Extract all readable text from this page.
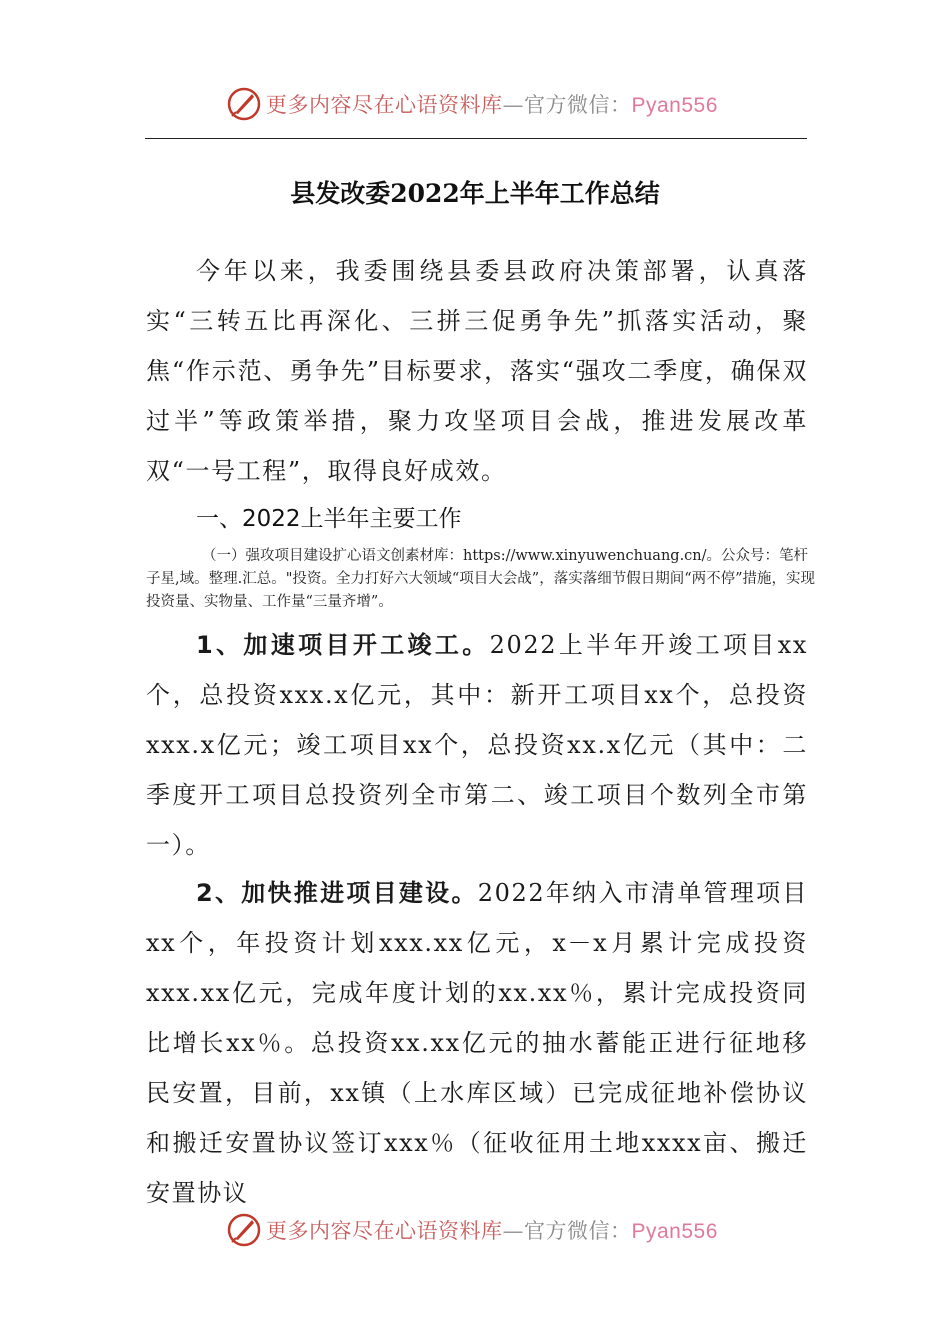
更多内容尽在心语资料库—官方微信：Pyan556
县发改委2022年上半年工作总结

今年以来，我委围绕县委县政府决策部署，认真落实“三转五比再深化、三拼三促勇争先”抓落实活动，聚焦“作示范、勇争先”目标要求，落实“强攻二季度，确保双过半”等政策举措，聚力攻坚项目会战，推进发展改革双“一号工程”，取得良好成效。

一、2022上半年主要工作

（一）强攻项目建设扩心语文创素材库：https://www.xinyuwenchuang.cn/。公众号：笔杆子星,域。整理.汇总。"投资。全力打好六大领域“项目大会战”，落实落细节假日期间“两不停”措施，实现投资量、实物量、工作量“三量齐增”。

1、加速项目开工竣工。2022上半年开竣工项目xx个，总投资xxx.x亿元，其中：新开工项目xx个，总投资xxx.x亿元；竣工项目xx个，总投资xx.x亿元（其中：二季度开工项目总投资列全市第二、竣工项目个数列全市第一）。

2、加快推进项目建设。2022年纳入市清单管理项目xx个，年投资计划xxx.xx亿元，x－x月累计完成投资xxx.xx亿元，完成年度计划的xx.xx％，累计完成投资同比增长xx％。总投资xx.xx亿元的抽水蓄能正进行征地移民安置，目前，xx镇（上水库区域）已完成征地补偿协议和搬迁安置协议签订xxx％（征收征用土地xxxx亩、搬迁安置协议

更多内容尽在心语资料库—官方微信：Pyan556
